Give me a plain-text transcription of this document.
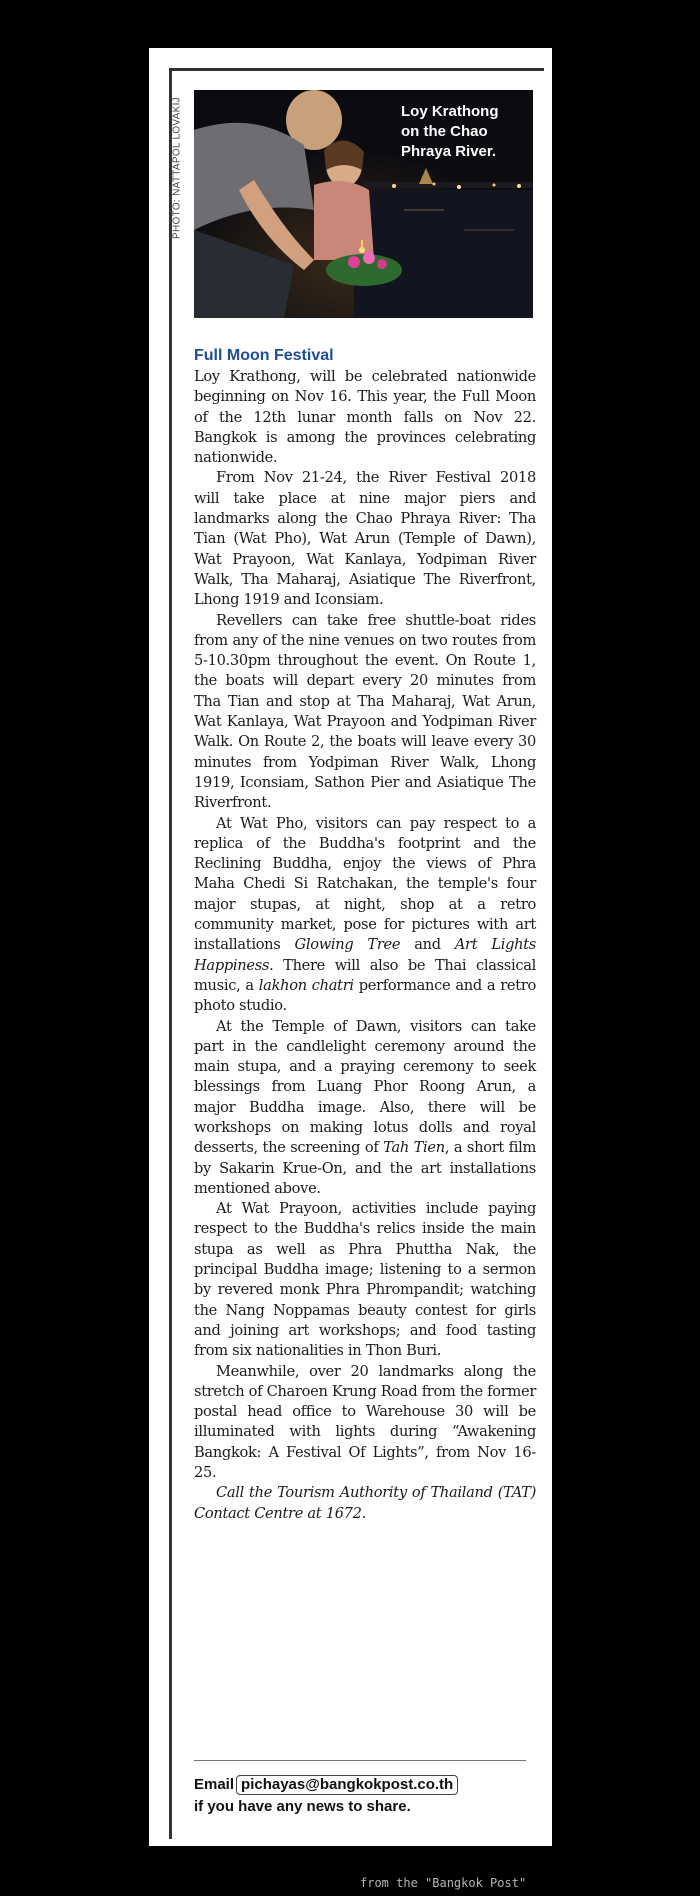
PHOTO: NATTAPOL LOVAKIJ	Loy Krathong
on the Chao
Phraya River.
Full Moon Festival

Loy Krathong, will be celebrated nationwide beginning on Nov 16. This year, the Full Moon of the 12th lunar month falls on Nov 22. Bangkok is among the provinces celebrating nationwide.

From Nov 21-24, the River Festival 2018 will take place at nine major piers and landmarks along the Chao Phraya River: Tha Tian (Wat Pho), Wat Arun (Temple of Dawn), Wat Prayoon, Wat Kanlaya, Yodpiman River Walk, Tha Maharaj, Asiatique The Riverfront, Lhong 1919 and Iconsiam.

Revellers can take free shuttle-boat rides from any of the nine venues on two routes from 5-10.30pm throughout the event. On Route 1, the boats will depart every 20 minutes from Tha Tian and stop at Tha Maharaj, Wat Arun, Wat Kanlaya, Wat Prayoon and Yodpiman River Walk. On Route 2, the boats will leave every 30 minutes from Yodpiman River Walk, Lhong 1919, Iconsiam, Sathon Pier and Asiatique The Riverfront.

At Wat Pho, visitors can pay respect to a replica of the Buddha's footprint and the Reclining Buddha, enjoy the views of Phra Maha Chedi Si Ratchakan, the temple's four major stupas, at night, shop at a retro community market, pose for pictures with art installations Glowing Tree and Art Lights Happiness. There will also be Thai classical music, a lakhon chatri performance and a retro photo studio.

At the Temple of Dawn, visitors can take part in the candlelight ceremony around the main stupa, and a praying ceremony to seek blessings from Luang Phor Roong Arun, a major Buddha image. Also, there will be workshops on making lotus dolls and royal desserts, the screening of Tah Tien, a short film by Sakarin Krue-On, and the art installations mentioned above.

At Wat Prayoon, activities include paying respect to the Buddha's relics inside the main stupa as well as Phra Phuttha Nak, the principal Buddha image; listening to a sermon by revered monk Phra Phrompandit; watching the Nang Noppamas beauty contest for girls and joining art workshops; and food tasting from six nationalities in Thon Buri.

Meanwhile, over 20 landmarks along the stretch of Charoen Krung Road from the former postal head office to Warehouse 30 will be illuminated with lights during “Awakening Bangkok: A Festival Of Lights”, from Nov 16-25.

Call the Tourism Authority of Thailand (TAT) Contact Centre at 1672.

Email pichayas@bangkokpost.co.th
if you have any news to share.
from the "Bangkok Post"
